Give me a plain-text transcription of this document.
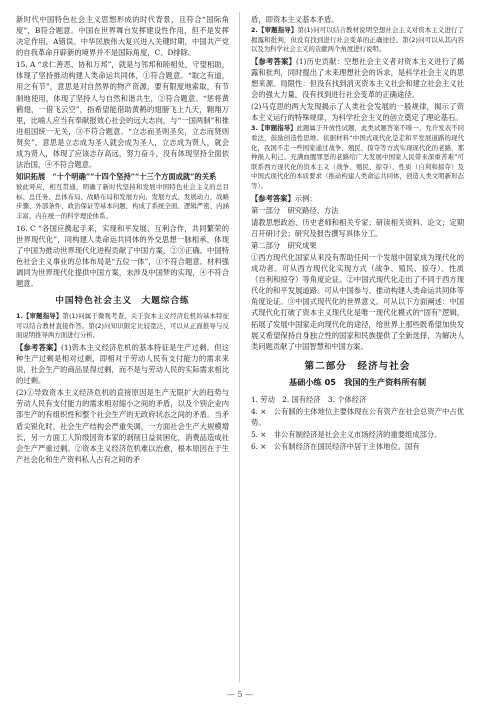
新时代中国特色社会主义思想形成的时代背景，且符合“国际角度”，B符合题意。中国在世界舞台发挥建设性作用，但不是发挥决定作用，A错误。中华民族伟大复兴进入关键时期，中国共产党的自我革命开辟新的境界并不是国际角度，C、D排除。

15. A “求仁善恶、协和万邦”，就是与邻邦和睦相处，守望相助，体现了坚持推动构建人类命运共同体，①符合题意。“取之有道，用之有节”，意思是对自然界的物产资源，要有限度地索取，有节制地使用，体现了坚持人与自然和谐共生，②符合题意。“惩将黄鹤翅，一借飞云空”，指希望能借助黄鹤的翅膀飞上九天，翱翔万里，比喻人应当有奉献报效心社会的远大志向，与“一国两制”和推进祖国统一无关，③不符合题意。“立志而圣则圣矣，立志而贤则贤矣”，意思是立志成为圣人就会成为圣人，立志成为贤人，就会成为贤人，体现了应该志存高远，努力奋斗，没有体现坚持全面依法治国，④不符合题意。

知识拓展　 “十个明确”“十四个坚持”“十三个方面成就”的关系

彼此呼应，相互贯通，明确了新时代坚持和发展中国特色社会主义的总目标、总任务、总体布局、战略布局和发展方向、发展方式、发展动力、战略步骤、外部条件、政治保证等基本问题，构成了系统全面、逻辑严密、内涵丰富、内在统一的科学理论体系。

16. C “各国应携起手来，实现和平发展、互利合作，共同繁荣的世界现代化”，同构建人类命运共同体的外交思想一脉相承，体现了中国为推动世界现代化进程贡献了中国方案，②③正确。中国特色社会主义事业的总体布局是“五位一体”，①不符合题意。材料强调同为世界现代化提供中国方案，未涉及中国梦的实现，④不符合题意。

中国特色社会主义　大题综合练

1.【审题指导】第(1)问属于微观考查，关于资本主义经济危机的基本特征可以结合教材直接作答。第(2)问知识限定比较宽泛，可以从正面推导与反面说明推导两方面进行分析。

【参考答案】(1)资本主义经济危机的基本特征是生产过剩。但这种生产过剩是相对过剩，即相对于劳动人民有支付能力的需求来说，社会生产的商品显得过剩，而不是与劳动人民的实际需求相比的过剩。

(2)①导致资本主义经济危机的直接原因是生产无限扩大的趋势与劳动人民有支付能力的需求相对缩小之间的矛盾，以及个别企业内部生产的有组织性和整个社会生产的无政府状态之间的矛盾。当矛盾尖锐化时，社会生产结构会严重失调，一方面社会生产大规模增长，另一方面工人阶级因资本家的剥削日益贫困化，消费品造成社会生产严重过剩。②资本主义经济危机难以治愈，根本原因在于生产社会化和生产资料私人占有之间的矛

盾，即资本主义基本矛盾。

2.【审题指导】第(1)问可以结合教材说明空想社会主义对资本主义进行了揭露和批判，但没有找到进行社会变革的正确途径。第(2)问可以从其内容以及为科学社会主义的贡献两个角度进行说明。

【参考答案】(1)历史贡献：空想社会主义者对资本主义进行了揭露和批判，同时提出了未来理想社会的诉求，是科学社会主义的思想来源。局限性：但没有找到消灭资本主义社会和建立社会主义社会的强大力量，没有找到进行社会变革的正确途径。

(2)马克思的两大发现揭示了人类社会发展的一般规律，揭示了资本主义运行的特殊规律，为科学社会主义的创立奠定了理论基石。

3.【审题指导】此题属于开放性试题，此类试题答案不唯一，允许发表不同看法，鼓励创造性思维。依据材料“中国式现代化是走和平发展道路的现代化，我国不走一些国家通过战争、殖民、掠夺等方式实现现代化的老路，那种损人利己、充满血腥罪恶的老路给广大发展中国家人民带来深重苦难”可联系西方现代化的资本主义（战争、殖民、掠夺）、性质（自利和掠夺）及中国式现代化的本质要求（推动构建人类命运共同体，创造人类文明新形态等）。

【参考答案】示例：

第一部分　研究路径、方法

请教思想政治、历史老师和相关专家；研读相关资料、论文；定期召开研讨会；研究及报告撰写具体分工。

第二部分　研究成果

①西方现代化国家从来没有帮助任何一个发展中国家成为现代化的成功者。可从西方现代化实现方式（战争、殖民、掠夺）、性质（自利和掠夺）等角度论证。②中国式现代化走出了不同于西方现代化的和平发展道路。可从中国参与、推动构建人类命运共同体等角度论证。③中国式现代化的世界意义。可从以下方面阐述：中国式现代化打破了资本主义现代化是唯一现代化模式的“固有”逻辑，拓展了发展中国家走向现代化的途径，给世界上那些既希望加快发展又希望保持自身独立性的国家和民族提供了全新选择，为解决人类问题贡献了中国智慧和中国方案。

第二部分　经济与社会
基础小练 05　我国的生产资料所有制

1. 劳动　2. 国有经济　3. 个体经济

4. ×　公有制的主体地位主要体现在公有资产在社会总资产中占优势。

5. ×　非公有制经济是社会主义市场经济的重要组成部分。

6. ×　公有制经济在国民经济中居于主体地位。国有

— 5 —
